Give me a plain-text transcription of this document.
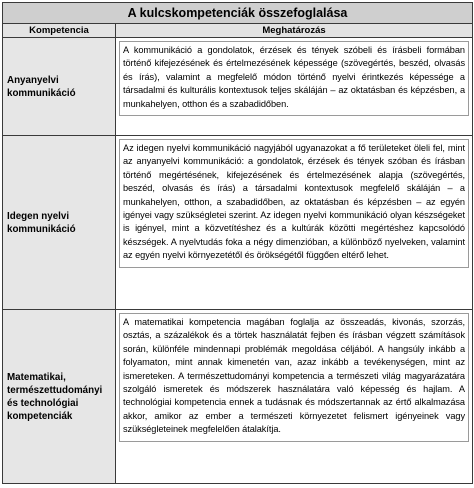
A kulcskompetenciák összefoglalása	
Kompetencia	Meghatározás
Anyanyelvi kommunikáció	A kommunikáció a gondolatok, érzések és tények szóbeli és írásbeli formában történő kifejezésének és értelmezésének képessége (szövegértés, beszéd, olvasás és írás), valamint a megfelelő módon történő nyelvi érintkezés képessége a társadalmi és kulturális kontextusok teljes skáláján – az oktatásban és képzésben, a munkahelyen, otthon és a szabadidőben.

Idegen nyelvi kommunikáció	Az idegen nyelvi kommunikáció nagyjából ugyanazokat a fő területeket öleli fel, mint az anyanyelvi kommunikáció: a gondolatok, érzések és tények szóban és írásban történő megértésének, kifejezésének és értelmezésének alapja (szövegértés, beszéd, olvasás és írás) a társadalmi kontextusok megfelelő skáláján – a munkahelyen, otthon, a szabadidőben, az oktatásban és képzésben – az egyén igényei vagy szükségletei szerint. Az idegen nyelvi kommunikáció olyan készségeket is igényel, mint a közvetítéshez és a kultúrák közötti megértéshez kapcsolódó készségek. A nyelvtudás foka a négy dimenzióban, a különböző nyelveken, valamint az egyén nyelvi környezetétől és örökségétől függően eltérő lehet.

Matematikai, természettudományi és technológiai kompetenciák	A matematikai kompetencia magában foglalja az összeadás, kivonás, szorzás, osztás, a százalékok és a törtek használatát fejben és írásban végzett számítások során, különféle mindennapi problémák megoldása céljából. A hangsúly inkább a folyamaton, mint annak kimenetén van, azaz inkább a tevékenységen, mint az ismereteken. A természettudományi kompetencia a természeti világ magyarázatára szolgáló ismeretek és módszerek használatára való képesség és hajlam. A technológiai kompetencia ennek a tudásnak és módszertannak az értő alkalmazása akkor, amikor az ember a természeti környezetet felismert igényeinek vagy szükségleteinek megfelelően átalakítja.
